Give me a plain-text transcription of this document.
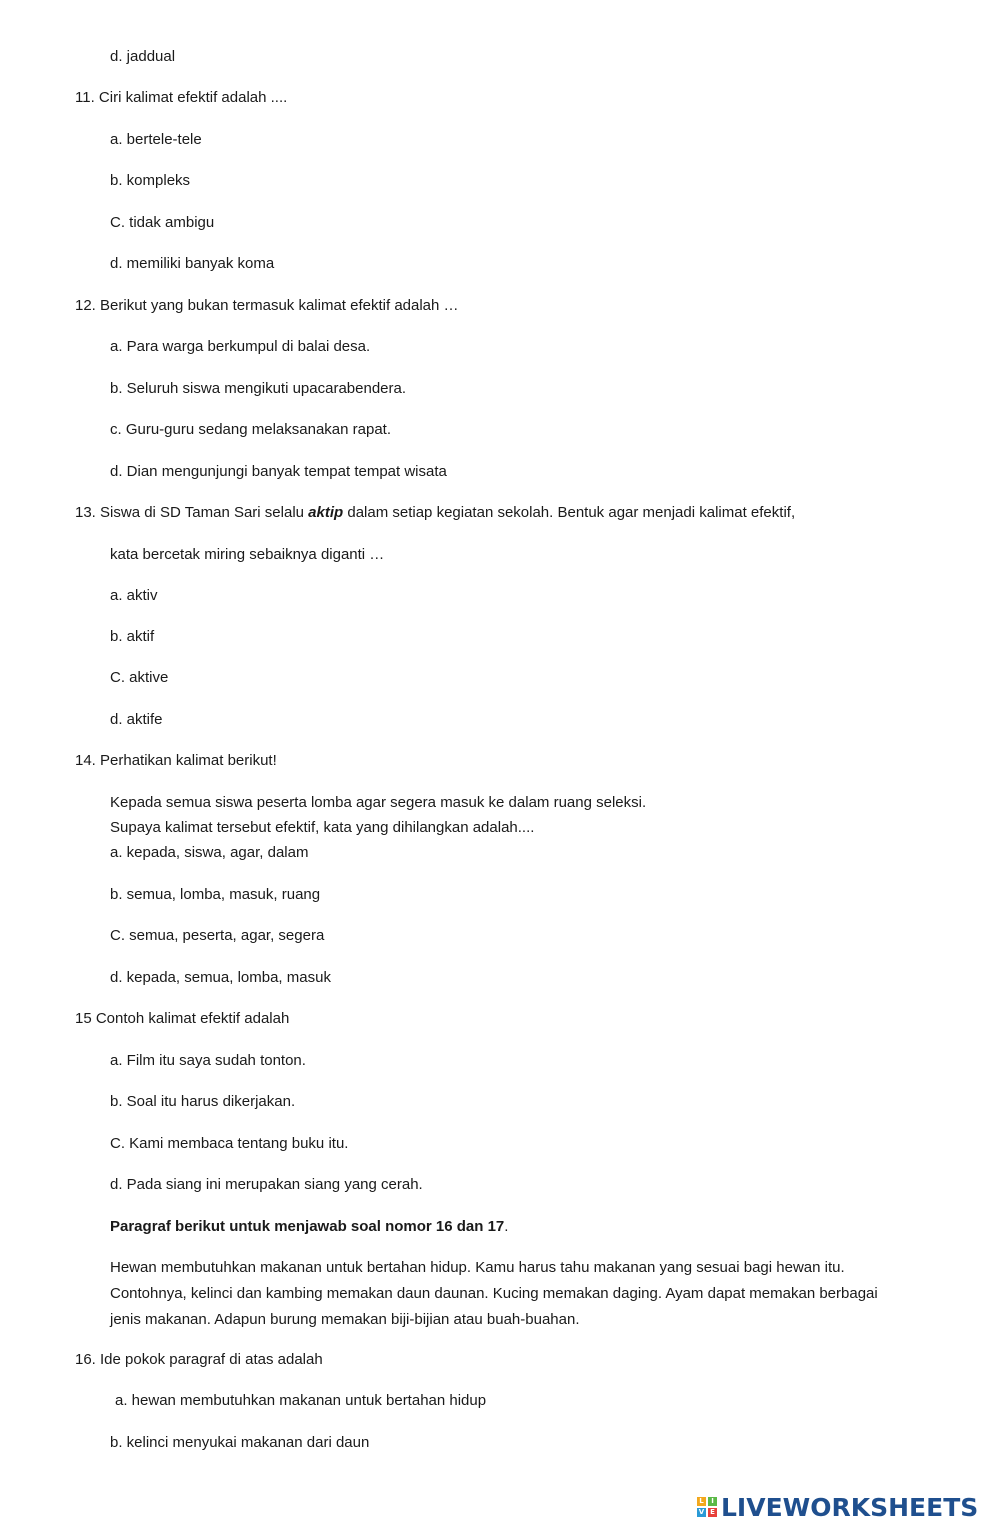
d. jaddual
11. Ciri kalimat efektif adalah ....
a. bertele-tele
b. kompleks
C. tidak ambigu
d. memiliki banyak koma
12. Berikut yang bukan termasuk kalimat efektif adalah …
a. Para warga berkumpul di balai desa.
b. Seluruh siswa mengikuti upacarabendera.
c. Guru-guru sedang melaksanakan rapat.
d. Dian mengunjungi banyak tempat tempat wisata
13. Siswa di SD Taman Sari selalu aktip dalam setiap kegiatan sekolah. Bentuk agar menjadi kalimat efektif,
kata bercetak miring sebaiknya diganti …
a. aktiv
b. aktif
C. aktive
d. aktife
14. Perhatikan kalimat berikut!
Kepada semua siswa peserta lomba agar segera masuk ke dalam ruang seleksi.
Supaya kalimat tersebut efektif, kata yang dihilangkan adalah....
a. kepada, siswa, agar, dalam
b. semua, lomba, masuk, ruang
C. semua, peserta, agar, segera
d. kepada, semua, lomba, masuk
15 Contoh kalimat efektif adalah
a. Film itu saya sudah tonton.
b. Soal itu harus dikerjakan.
C. Kami membaca tentang buku itu.
d. Pada siang ini merupakan siang yang cerah.
Paragraf berikut untuk menjawab soal nomor 16 dan 17.
Hewan membutuhkan makanan untuk bertahan hidup. Kamu harus tahu makanan yang sesuai bagi hewan itu.
Contohnya, kelinci dan kambing memakan daun daunan. Kucing memakan daging. Ayam dapat memakan berbagai
jenis makanan. Adapun burung memakan biji-bijian atau buah-buahan.
16. Ide pokok paragraf di atas adalah
a. hewan membutuhkan makanan untuk bertahan hidup
b. kelinci menyukai makanan dari daun
L	I
V E LIVEWORKSHEETS
